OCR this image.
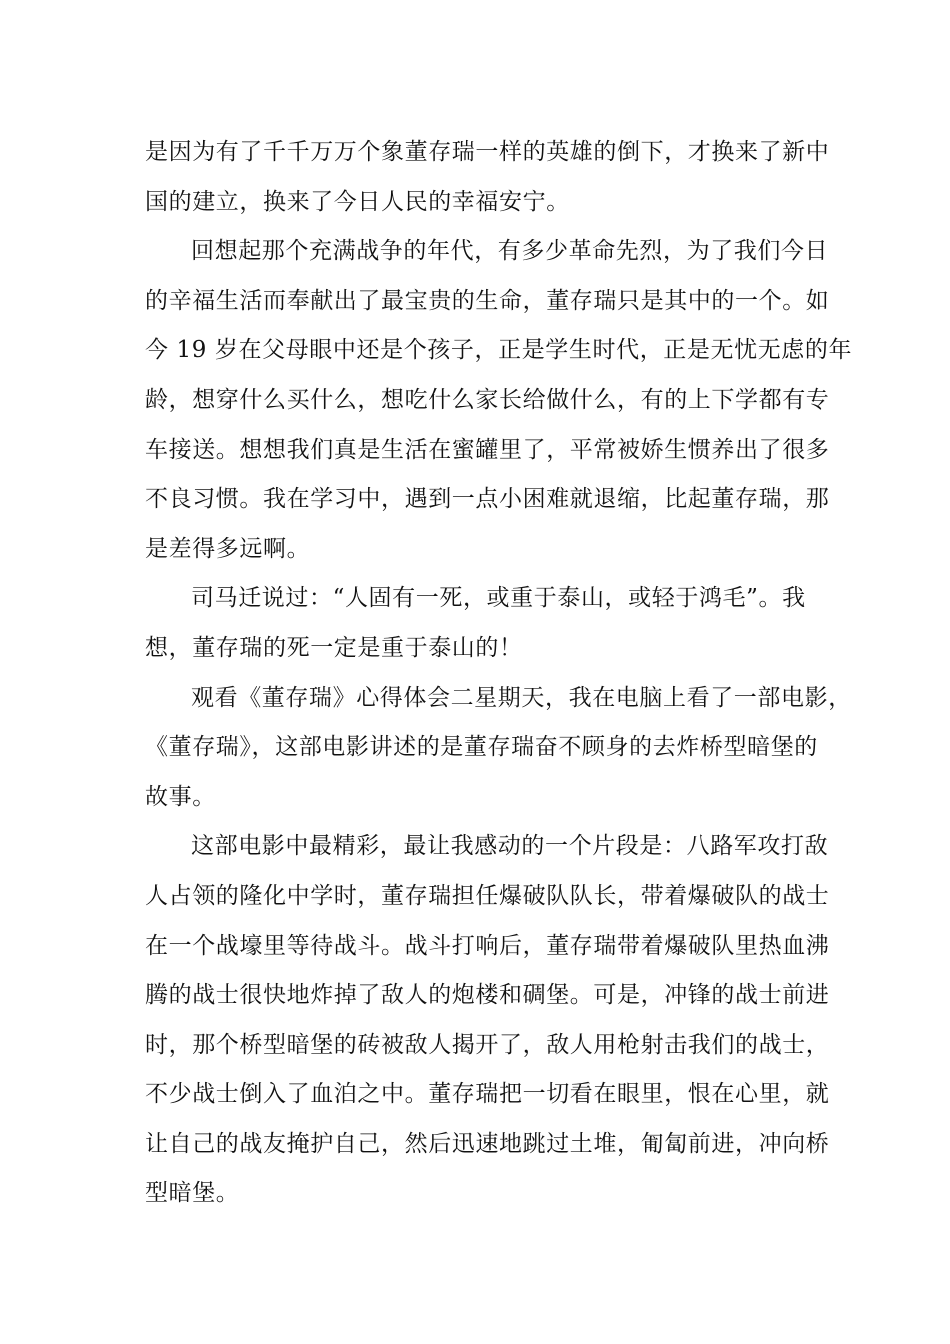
是因为有了千千万万个象董存瑞一样的英雄的倒下，才换来了新中
国的建立，换来了今日人民的幸福安宁。
回想起那个充满战争的年代，有多少革命先烈，为了我们今日
的辛福生活而奉献出了最宝贵的生命，董存瑞只是其中的一个。如
今 19 岁在父母眼中还是个孩子，正是学生时代，正是无忧无虑的年
龄，想穿什么买什么，想吃什么家长给做什么，有的上下学都有专
车接送。想想我们真是生活在蜜罐里了，平常被娇生惯养出了很多
不良习惯。我在学习中，遇到一点小困难就退缩，比起董存瑞，那
是差得多远啊。
司马迁说过：“人固有一死，或重于泰山，或轻于鸿毛”。我
想，董存瑞的死一定是重于泰山的！
观看《董存瑞》心得体会二星期天，我在电脑上看了一部电影，
《董存瑞》，这部电影讲述的是董存瑞奋不顾身的去炸桥型暗堡的
故事。
这部电影中最精彩，最让我感动的一个片段是：八路军攻打敌
人占领的隆化中学时，董存瑞担任爆破队队长，带着爆破队的战士
在一个战壕里等待战斗。战斗打响后，董存瑞带着爆破队里热血沸
腾的战士很快地炸掉了敌人的炮楼和碉堡。可是，冲锋的战士前进
时，那个桥型暗堡的砖被敌人揭开了，敌人用枪射击我们的战士，
不少战士倒入了血泊之中。董存瑞把一切看在眼里，恨在心里，就
让自己的战友掩护自己，然后迅速地跳过土堆，匍匐前进，冲向桥
型暗堡。
